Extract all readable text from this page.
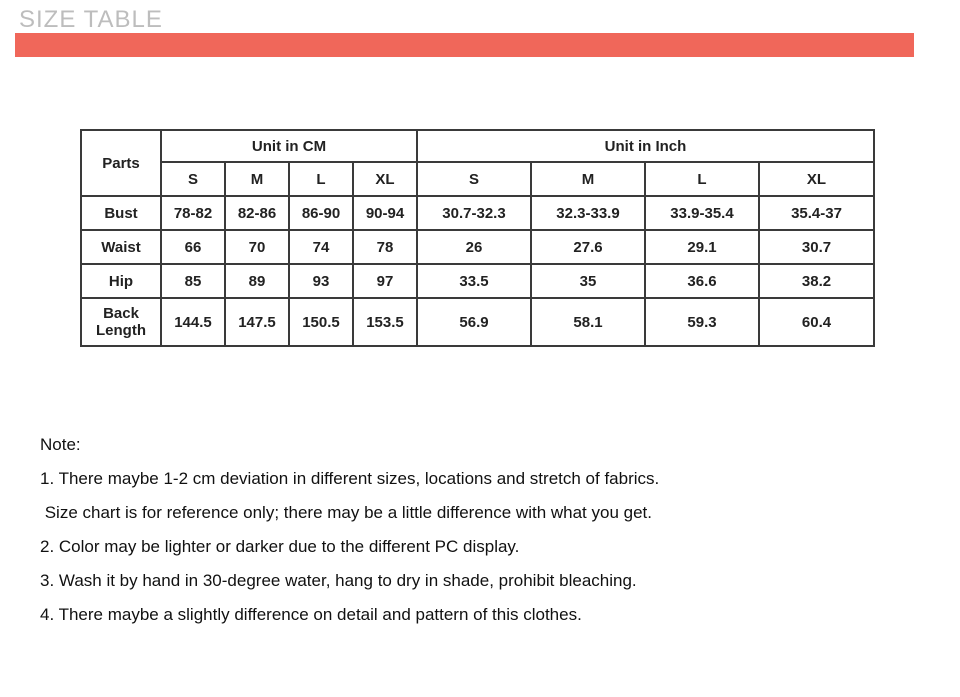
SIZE TABLE
Parts	Unit in CM				Unit in Inch			
	S	M	L	XL	S	M	L	XL
Bust	78-82	82-86	86-90	90-94	30.7-32.3	32.3-33.9	33.9-35.4	35.4-37
Waist	66	70	74	78	26	27.6	29.1	30.7
Hip	85	89	93	97	33.5	35	36.6	38.2

Back
Length	144.5	147.5	150.5	153.5	56.9	58.1	59.3	60.4
Note:
1. There maybe 1-2 cm deviation in different sizes, locations and stretch of fabrics.
Size chart is for reference only; there may be a little difference with what you get.
2. Color may be lighter or darker due to the different PC display.
3. Wash it by hand in 30-degree water, hang to dry in shade, prohibit bleaching.
4. There maybe a slightly difference on detail and pattern of this clothes.
